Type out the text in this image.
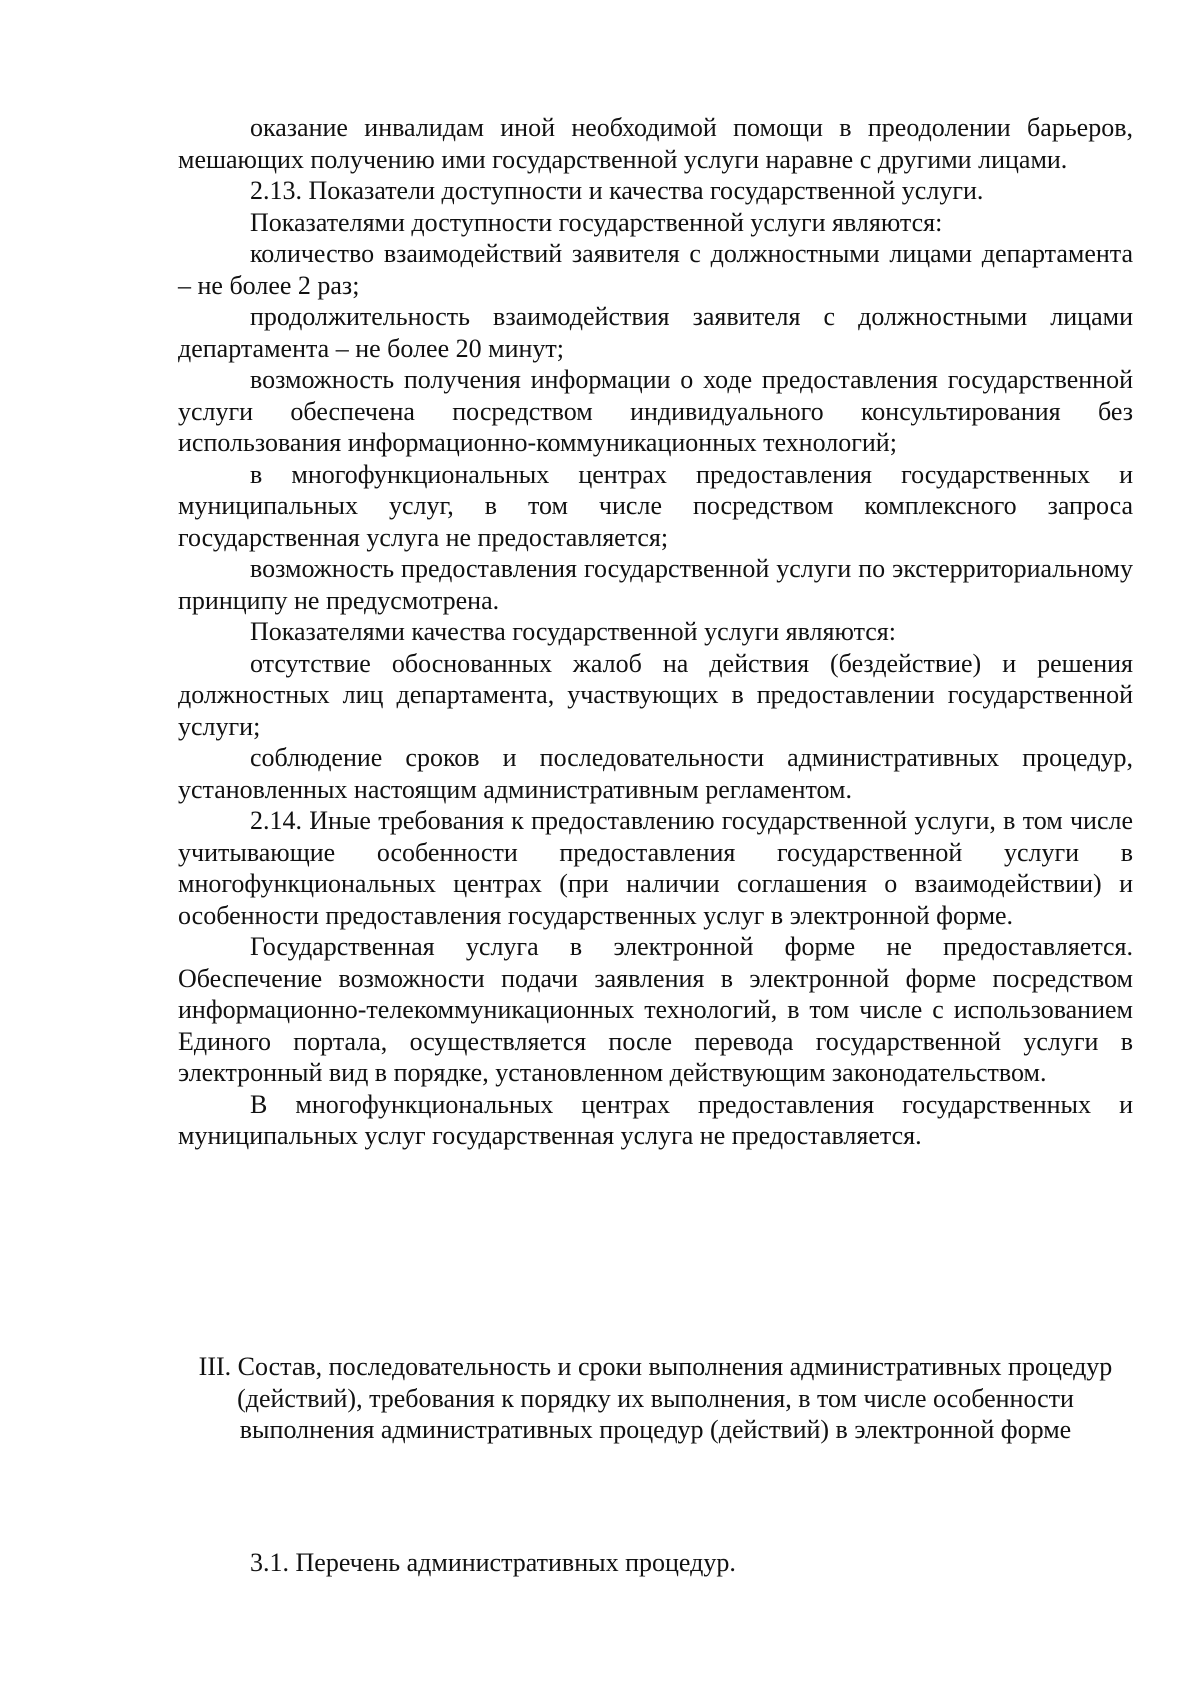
оказание инвалидам иной необходимой помощи в преодолении барьеров, мешающих получению ими государственной услуги наравне с другими лицами.

2.13. Показатели доступности и качества государственной услуги.

Показателями доступности государственной услуги являются:

количество взаимодействий заявителя с должностными лицами департамента – не более 2 раз;

продолжительность взаимодействия заявителя с должностными лицами департамента – не более 20 минут;

возможность получения информации о ходе предоставления государственной услуги обеспечена посредством индивидуального консультирования без использования информационно-коммуникационных технологий;

в многофункциональных центрах предоставления государственных и муниципальных услуг, в том числе посредством комплексного запроса государственная услуга не предоставляется;

возможность предоставления государственной услуги по экстерриториальному принципу не предусмотрена.

Показателями качества государственной услуги являются:

отсутствие обоснованных жалоб на действия (бездействие) и решения должностных лиц департамента, участвующих в предоставлении государственной услуги;

соблюдение сроков и последовательности административных процедур, установленных настоящим административным регламентом.

2.14. Иные требования к предоставлению государственной услуги, в том числе учитывающие особенности предоставления государственной услуги в многофункциональных центрах (при наличии соглашения о взаимодействии) и особенности предоставления государственных услуг в электронной форме.

Государственная услуга в электронной форме не предоставляется. Обеспечение возможности подачи заявления в электронной форме посредством информационно-телекоммуникационных технологий, в том числе с использованием Единого портала, осуществляется после перевода государственной услуги в электронный вид в порядке, установленном действующим законодательством.

В многофункциональных центрах предоставления государственных и муниципальных услуг государственная услуга не предоставляется.

III. Состав, последовательность и сроки выполнения административных процедур (действий), требования к порядку их выполнения, в том числе особенности выполнения административных процедур (действий) в электронной форме

3.1. Перечень административных процедур.
